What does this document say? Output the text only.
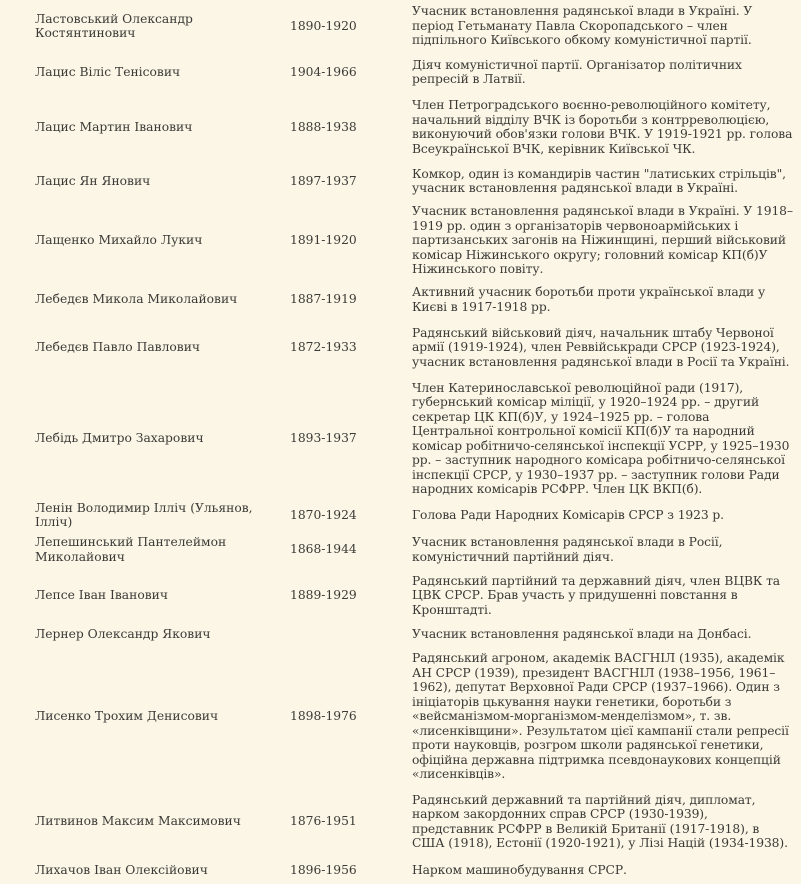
Ластовський Олександр Костянтинович	1890-1920	Учасник встановлення радянської влади в Україні. У період Гетьманату Павла Скоропадського – член підпільного Київського обкому комуністичної партії.
Лацис Віліс Тенісович	1904-1966	Діяч комуністичної партії. Організатор політичних репресій в Латвії.
Лацис Мартин Іванович	1888-1938	Член Петроградського воєнно-революційного комітету, начальний відділу ВЧК із боротьби з контрреволюцією, виконуючий обов'язки голови ВЧК. У 1919-1921 рр. голова Всеукраїнської ВЧК, керівник Київської ЧК.
Лацис Ян Янович	1897-1937	Комкор, один із командирів частин "латиських стрільців", учасник встановлення радянської влади в Україні.
Лащенко Михайло Лукич	1891-1920	Учасник встановлення радянської влади в Україні. У 1918–1919 рр. один з організаторів червоноармійських і партизанських загонів на Ніжинщині, перший військовий комісар Ніжинського округу; головний комісар КП(б)У Ніжинського повіту.
Лебедєв Микола Миколайович	1887-1919	Активний учасник боротьби проти української влади у Києві в 1917-1918 рр.
Лебедєв Павло Павлович	1872-1933	Радянський військовий діяч, начальник штабу Червоної армії (1919-1924), член Реввійськради СРСР (1923-1924), учасник встановлення радянської влади в Росії та Україні.
Лебідь Дмитро Захарович	1893-1937	Член Катеринославської революційної ради (1917), губернський комісар міліції, у 1920–1924 рр. – другий секретар ЦК КП(б)У, у 1924–1925 рр. – голова Центральної контрольної комісії КП(б)У та народний комісар робітничо-селянської інспекції УСРР, у 1925–1930 рр. – заступник народного комісара робітничо-селянської інспекції СРСР, у 1930–1937 рр. – заступник голови Ради народних комісарів РСФРР. Член ЦК ВКП(б).
Ленін Володимир Ілліч (Ульянов, Ілліч)	1870-1924	Голова Ради Народних Комісарів СРСР з 1923 р.
Лепешинський Пантелеймон Миколайович	1868-1944	Учасник встановлення радянської влади в Росії, комуністичний партійний діяч.
Лепсе Іван Іванович	1889-1929	Радянський партійний та державний діяч, член ВЦВК та ЦВК СРСР. Брав участь у придушенні повстання в Кронштадті.
Лернер Олександр Якович		Учасник встановлення радянської влади на Донбасі.
Лисенко Трохим Денисович	1898-1976	Радянський агроном, академік ВАСГНІЛ (1935), академік АН СРСР (1939), президент ВАСГНІЛ (1938–1956, 1961–1962), депутат Верховної Ради СРСР (1937–1966). Один з ініціаторів цькування науки генетики, боротьби з «вейсманізмом-морганізмом-менделізмом», т. зв. «лисенківщини». Результатом цієї кампанії стали репресії проти науковців, розгром школи радянської генетики, офіційна державна підтримка псевдонаукових концепцій «лисенківців».
Литвинов Максим Максимович	1876-1951	Радянський державний та партійний діяч, дипломат, нарком закордонних справ СРСР (1930-1939), представник РСФРР в Великій Британії (1917-1918), в США (1918), Естонії (1920-1921), у Лізі Націй (1934-1938).
Лихачов Іван Олексійович	1896-1956	Нарком машинобудування СРСР.
